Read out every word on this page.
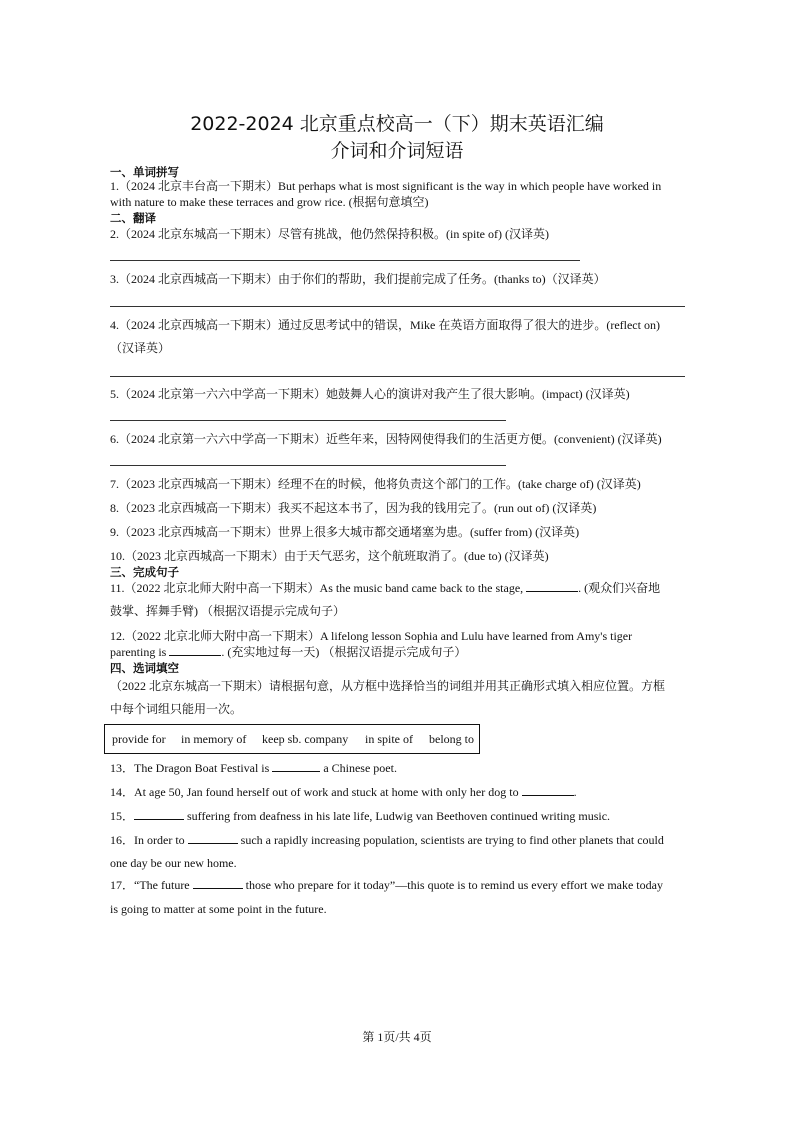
2022-2024 北京重点校高一（下）期末英语汇编
介词和介词短语
一、单词拼写
1.（2024 北京丰台高一下期末）But perhaps what is most significant is the way in which people have worked in
with nature to make these terraces and grow rice. (根据句意填空)
二、翻译
2.（2024 北京东城高一下期末）尽管有挑战，他仍然保持积极。(in spite of) (汉译英)
3.（2024 北京西城高一下期末）由于你们的帮助，我们提前完成了任务。(thanks to)（汉译英）
4.（2024 北京西城高一下期末）通过反思考试中的错误，Mike 在英语方面取得了很大的进步。(reflect on)
（汉译英）
5.（2024 北京第一六六中学高一下期末）她鼓舞人心的演讲对我产生了很大影响。(impact) (汉译英)
6.（2024 北京第一六六中学高一下期末）近些年来，因特网使得我们的生活更方便。(convenient) (汉译英)
7.（2023 北京西城高一下期末）经理不在的时候，他将负责这个部门的工作。(take charge of) (汉译英)
8.（2023 北京西城高一下期末）我买不起这本书了，因为我的钱用完了。(run out of) (汉译英)
9.（2023 北京西城高一下期末）世界上很多大城市都交通堵塞为患。(suffer from) (汉译英)
10.（2023 北京西城高一下期末）由于天气恶劣，这个航班取消了。(due to) (汉译英)
三、完成句子
11.（2022 北京北师大附中高一下期末）As the music band came back to the stage,	. (观众们兴奋地
鼓掌、挥舞手臂) （根据汉语提示完成句子）
12.（2022 北京北师大附中高一下期末）A lifelong lesson Sophia and Lulu have learned from Amy's tiger
parenting is	. (充实地过每一天) （根据汉语提示完成句子）
四、选词填空
（2022 北京东城高一下期末）请根据句意，从方框中选择恰当的词组并用其正确形式填入相应位置。方框
中每个词组只能用一次。
provide for in memory of keep sb. company in spite of belong to
13．The Dragon Boat Festival is	a Chinese poet.
14．At age 50, Jan found herself out of work and stuck at home with only her dog to	.
15．	suffering from deafness in his late life, Ludwig van Beethoven continued writing music.
16．In order to	such a rapidly increasing population, scientists are trying to find other planets that could
one day be our new home.
17．“The future	those who prepare for it today”—this quote is to remind us every effort we make today
is going to matter at some point in the future.
第 1页/共 4页
